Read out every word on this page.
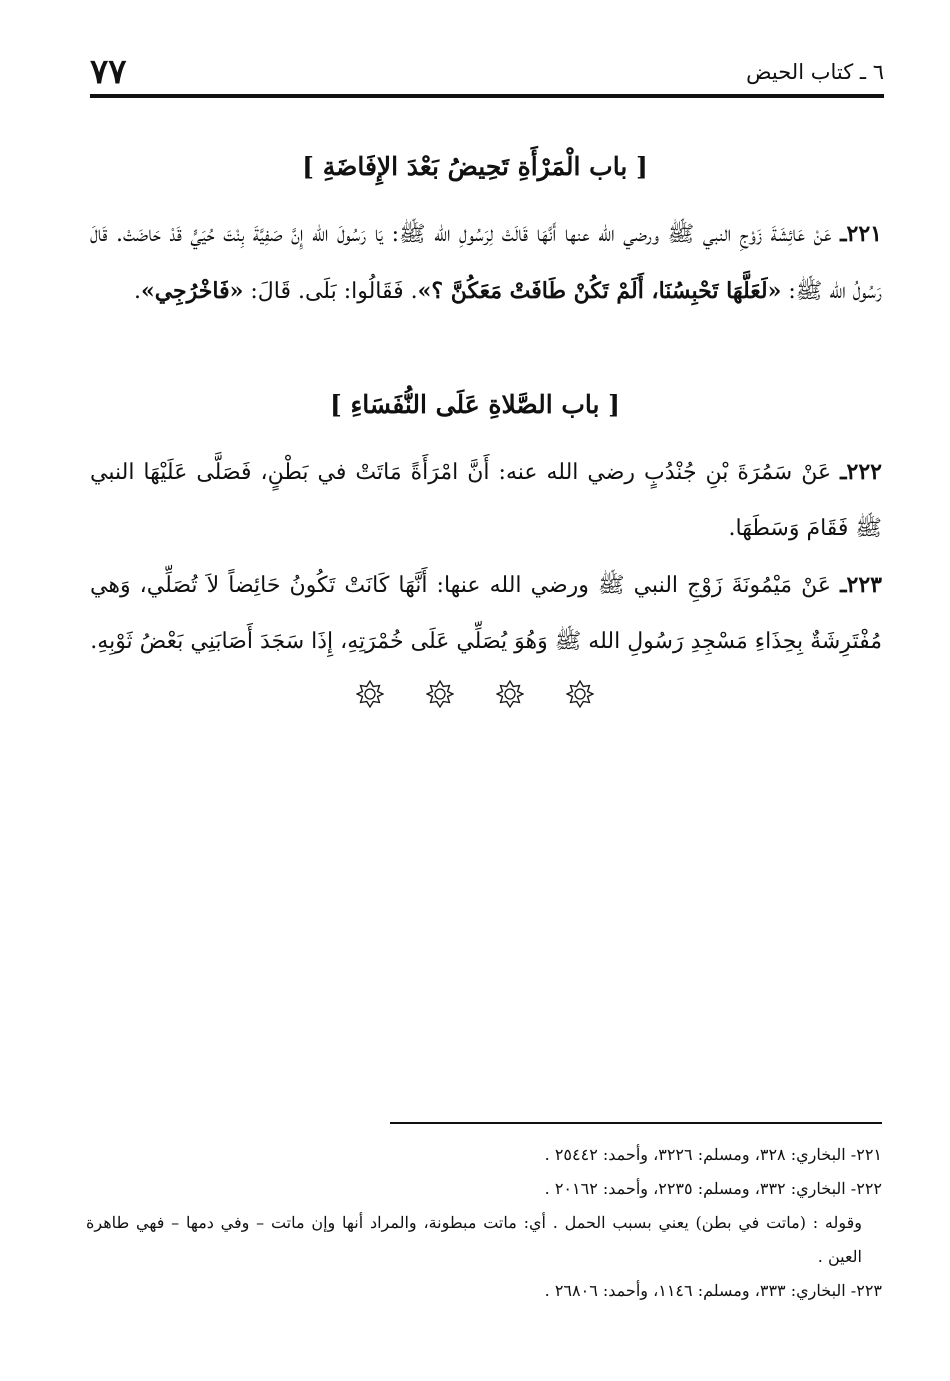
٧٧	٦ ـ كتاب الحيض
[ باب الْمَرْأَةِ تَحِيضُ بَعْدَ الإِفَاضَةِ ]

٢٢١ـ عَنْ عَائِشَةَ زَوْجِ النبي ﷺ ورضي الله عنها أَنَّهَا قَالَتْ لِرَسُولِ الله ﷺ: يَا رَسُولَ الله إِنَّ صَفِيَّةَ بِنْتَ حُيَيٍّ قَدْ حَاضَتْ. قَالَ رَسُولُ الله ﷺ: «لَعَلَّهَا تَحْبِسُنَا، أَلَمْ تَكُنْ طَافَتْ مَعَكُنَّ ؟». فَقَالُوا: بَلَى. قَالَ: «فَاخْرُجِي».

[ باب الصَّلاةِ عَلَى النُّفَسَاءِ ]

٢٢٢ـ عَنْ سَمُرَةَ بْنِ جُنْدُبٍ رضي الله عنه: أَنَّ امْرَأَةً مَاتَتْ في بَطْنٍ، فَصَلَّى عَلَيْهَا النبي ﷺ فَقَامَ وَسَطَهَا.

٢٢٣ـ عَنْ مَيْمُونَةَ زَوْجِ النبي ﷺ ورضي الله عنها: أَنَّهَا كَانَتْ تَكُونُ حَائِضاً لاَ تُصَلِّي، وَهي مُفْتَرِشَةٌ بِحِذَاءِ مَسْجِدِ رَسُولِ الله ﷺ وَهُوَ يُصَلِّي عَلَى خُمْرَتِهِ، إِذَا سَجَدَ أَصَابَنِي بَعْضُ ثَوْبِهِ.

٢٢١- البخاري: ٣٢٨، ومسلم: ٣٢٢٦، وأحمد: ٢٥٤٤٢ .

٢٢٢- البخاري: ٣٣٢، ومسلم: ٢٢٣٥، وأحمد: ٢٠١٦٢ .

وقوله : (ماتت في بطن) يعني بسبب الحمل . أي: ماتت مبطونة، والمراد أنها وإن ماتت – وفي دمها – فهي طاهرة العين .

٢٢٣- البخاري: ٣٣٣، ومسلم: ١١٤٦، وأحمد: ٢٦٨٠٦ .
